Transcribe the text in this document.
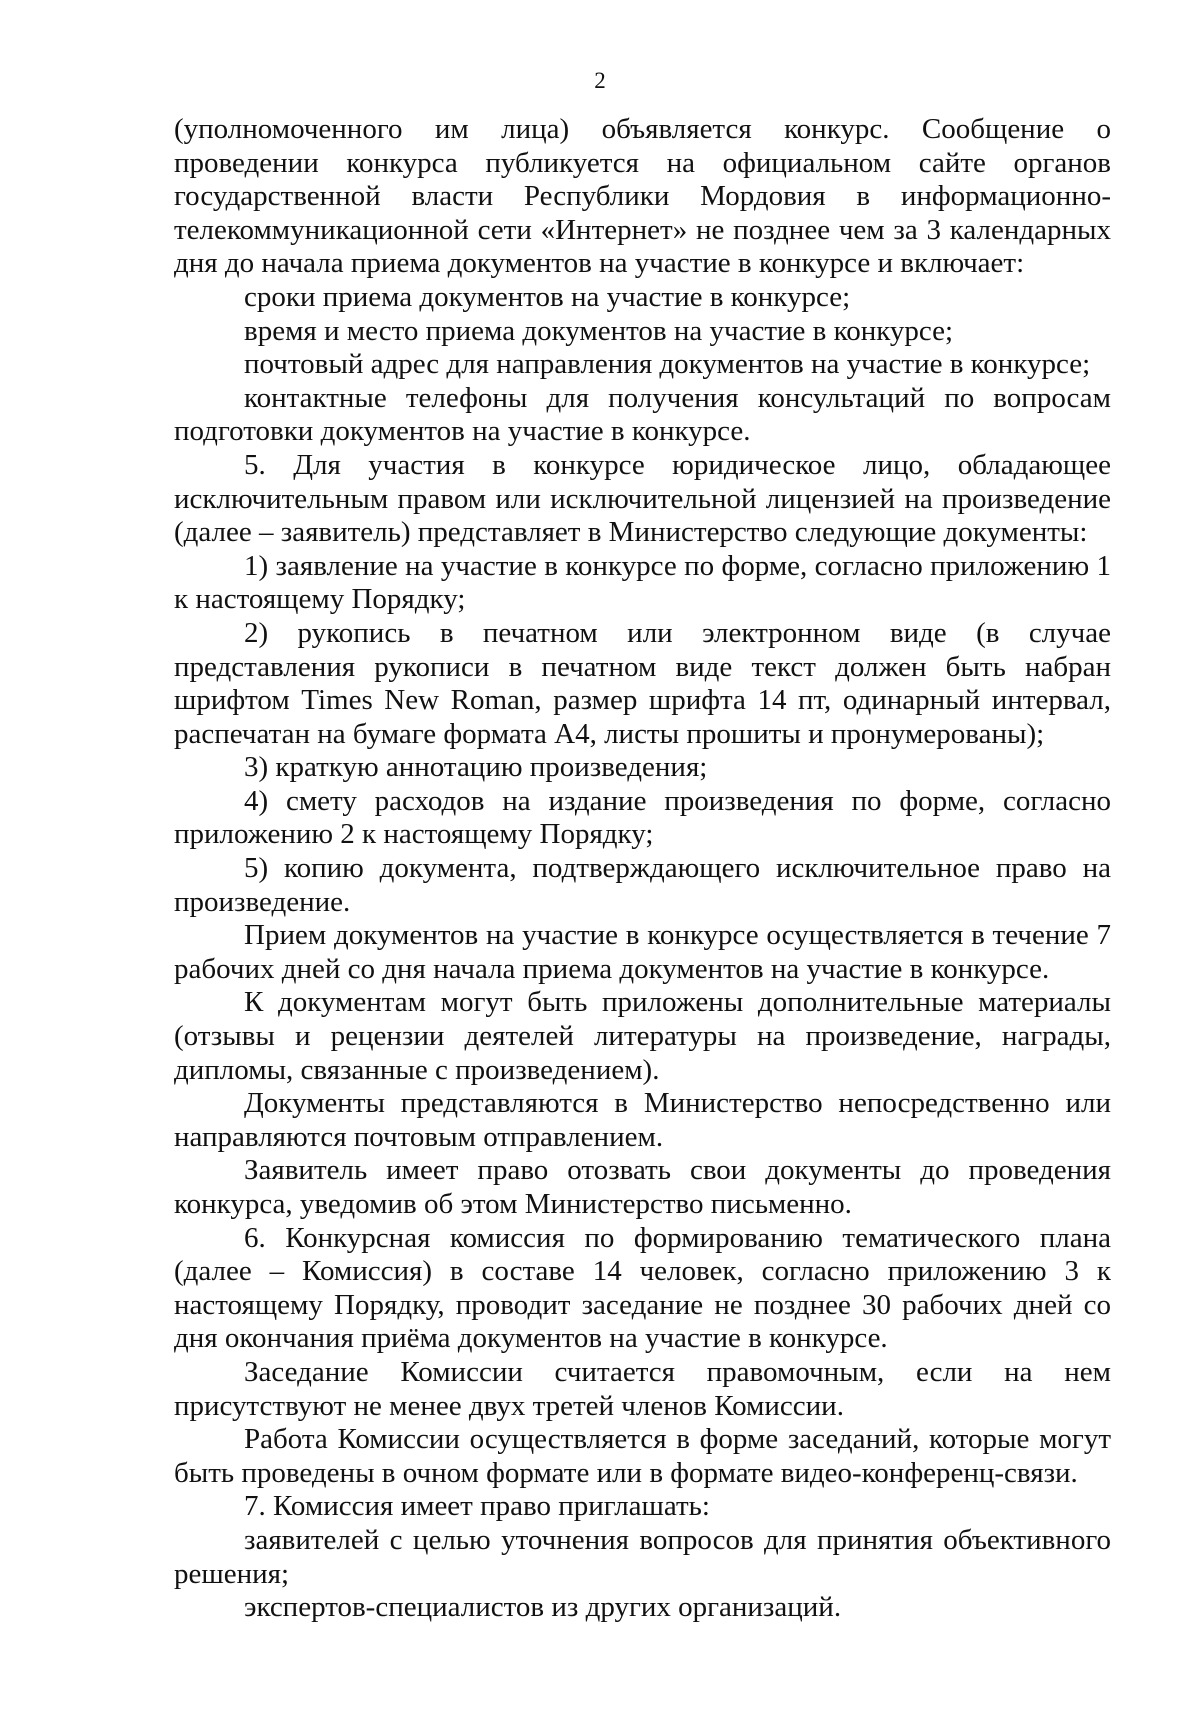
2

(уполномоченного им лица) объявляется конкурс. Сообщение о проведении конкурса публикуется на официальном сайте органов государственной власти Республики Мордовия в информационно-телекоммуникационной сети «Интернет» не позднее чем за 3 календарных дня до начала приема документов на участие в конкурсе и включает:

сроки приема документов на участие в конкурсе;

время и место приема документов на участие в конкурсе;

почтовый адрес для направления документов на участие в конкурсе;

контактные телефоны для получения консультаций по вопросам подготовки документов на участие в конкурсе.

5. Для участия в конкурсе юридическое лицо, обладающее исключительным правом или исключительной лицензией на произведение (далее – заявитель) представляет в Министерство следующие документы:

1) заявление на участие в конкурсе по форме, согласно приложению 1 к настоящему Порядку;

2) рукопись в печатном или электронном виде (в случае представления рукописи в печатном виде текст должен быть набран шрифтом Times New Roman, размер шрифта 14 пт, одинарный интервал, распечатан на бумаге формата А4, листы прошиты и пронумерованы);

3) краткую аннотацию произведения;

4) смету расходов на издание произведения по форме, согласно приложению 2 к настоящему Порядку;

5) копию документа, подтверждающего исключительное право на произведение.

Прием документов на участие в конкурсе осуществляется в течение 7 рабочих дней со дня начала приема документов на участие в конкурсе.

К документам могут быть приложены дополнительные материалы (отзывы и рецензии деятелей литературы на произведение, награды, дипломы, связанные с произведением).

Документы представляются в Министерство непосредственно или направляются почтовым отправлением.

Заявитель имеет право отозвать свои документы до проведения конкурса, уведомив об этом Министерство письменно.

6. Конкурсная комиссия по формированию тематического плана (далее – Комиссия) в составе 14 человек, согласно приложению 3 к настоящему Порядку, проводит заседание не позднее 30 рабочих дней со дня окончания приёма документов на участие в конкурсе.

Заседание Комиссии считается правомочным, если на нем присутствуют не менее двух третей членов Комиссии.

Работа Комиссии осуществляется в форме заседаний, которые могут быть проведены в очном формате или в формате видео-конференц-связи.

7. Комиссия имеет право приглашать:

заявителей с целью уточнения вопросов для принятия объективного решения;

экспертов-специалистов из других организаций.
